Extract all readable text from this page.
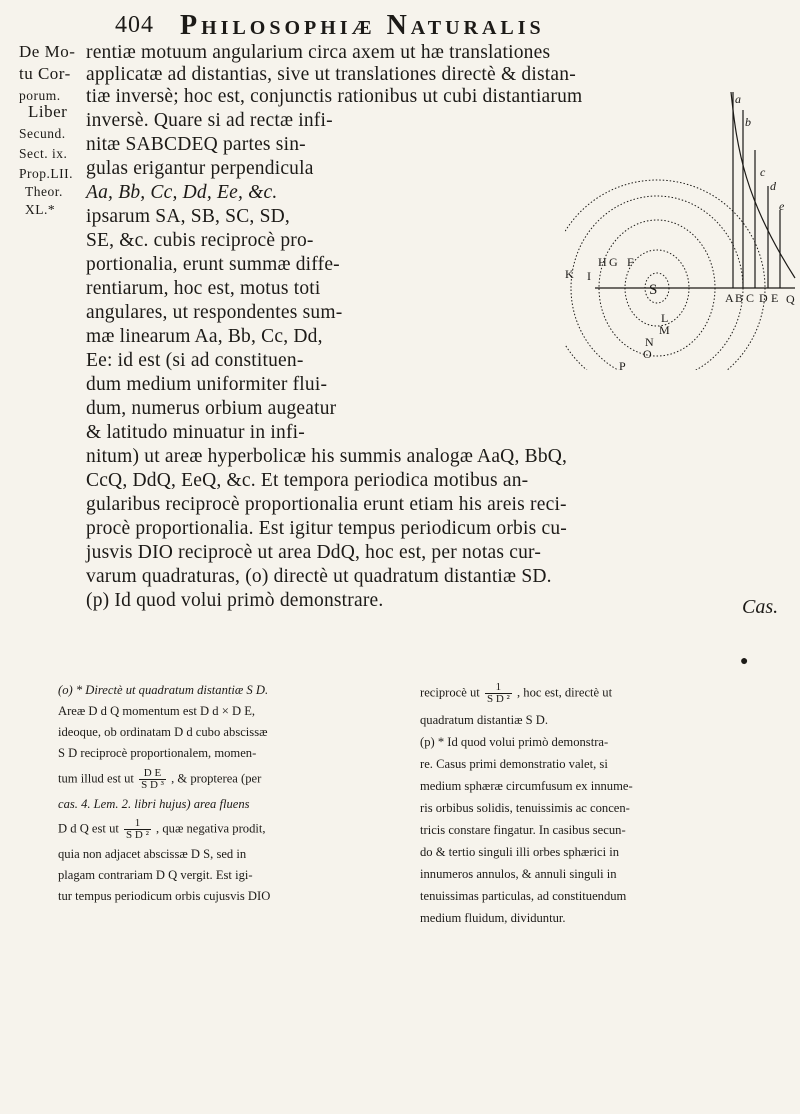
404 Philosophiæ Naturalis
De Mo-
tu Cor-
porum.
Liber
Secund.
Sect. ix.
Prop.LII.
Theor.
XL.*
rentiæ motuum angularium circa axem ut hæ translationes
applicatæ ad distantias, sive ut translationes directè & distan-
tiæ inversè; hoc est, conjunctis rationibus ut cubi distantiarum
inversè. Quare si ad rectæ infi-
nitæ SABCDEQ partes sin-
gulas erigantur perpendicula
Aa, Bb, Cc, Dd, Ee, &c.
ipsarum SA, SB, SC, SD,
SE, &c. cubis reciprocè pro-
portionalia, erunt summæ diffe-
rentiarum, hoc est, motus toti
angulares, ut respondentes sum-
mæ linearum Aa, Bb, Cc, Dd,
Ee: id est (si ad constituen-
dum medium uniformiter flui-
dum, numerus orbium augeatur
& latitudo minuatur in infi-
nitum) ut areæ hyperbolicæ his summis analogæ AaQ, BbQ,
CcQ, DdQ, EeQ, &c. Et tempora periodica motibus an-
gularibus reciprocè proportionalia erunt etiam his areis reci-
procè proportionalia. Est igitur tempus periodicum orbis cu-
jusvis DIO reciprocè ut area DdQ, hoc est, per notas cur-
varum quadraturas, (o) directè ut quadratum distantiæ SD.
(p) Id quod volui primò demonstrare.	Cas.
a
b
c
d
e
S	A B C D E Q
K I
H G F
L
M
N
O
P
●
(o) * Directè ut quadratum distantiæ S D.
Areæ D d Q momentum est D d × D E,
ideoque, ob ordinatam D d cubo abscissæ
S D reciprocè proportionalem, momen-
tum illud est ut $\frac{\text{D E}}{\text{S D ³}}$ , & propterea (per
cas. 4. Lem. 2. libri hujus) area fluens
D d Q est ut $\frac{1}{\text{S D ²}}$ , quæ negativa prodit,
quia non adjacet abscissæ D S, sed in
plagam contrariam D Q vergit. Est igi-
tur tempus periodicum orbis cujusvis DIO
reciprocè ut $\frac{1}{\text{S D ²}}$ , hoc est, directè ut
quadratum distantiæ S D.
(p) * Id quod volui primò demonstra-
re. Casus primi demonstratio valet, si
medium sphæræ circumfusum ex innume-
ris orbibus solidis, tenuissimis ac concen-
tricis constare fingatur. In casibus secun-
do & tertio singuli illi orbes sphærici in
innumeros annulos, & annuli singuli in
tenuissimas particulas, ad constituendum
medium fluidum, dividuntur.
